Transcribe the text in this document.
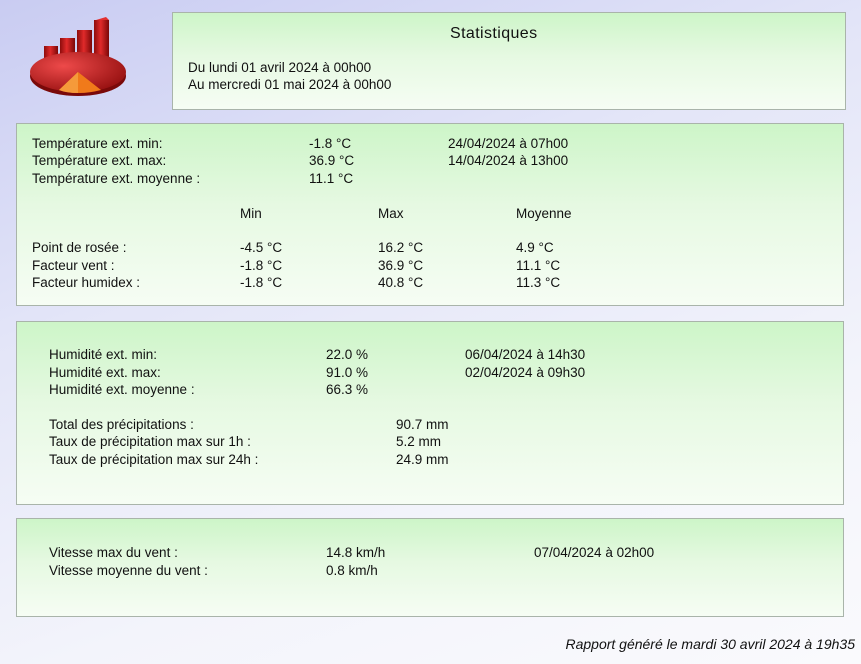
Statistiques
Du lundi 01 avril 2024 à 00h00
Au mercredi 01 mai 2024 à 00h00
Température ext. min:	-1.8 °C	24/04/2024 à 07h00
Température ext. max:	36.9 °C	14/04/2024 à 13h00
Température ext. moyenne :	11.1 °C
Min	Max	Moyenne
Point de rosée :	-4.5 °C	16.2 °C	4.9 °C
Facteur vent :	-1.8 °C	36.9 °C	11.1 °C
Facteur humidex :	-1.8 °C	40.8 °C	11.3 °C
Humidité ext. min:	22.0 %	06/04/2024 à 14h30
Humidité ext. max:	91.0 %	02/04/2024 à 09h30
Humidité ext. moyenne :	66.3 %
Total des précipitations :	90.7 mm
Taux de précipitation max sur 1h :	5.2 mm
Taux de précipitation max sur 24h :	24.9 mm
Vitesse max du vent :	14.8 km/h	07/04/2024 à 02h00
Vitesse moyenne du vent :	0.8 km/h
Rapport généré le mardi 30 avril 2024 à 19h35
